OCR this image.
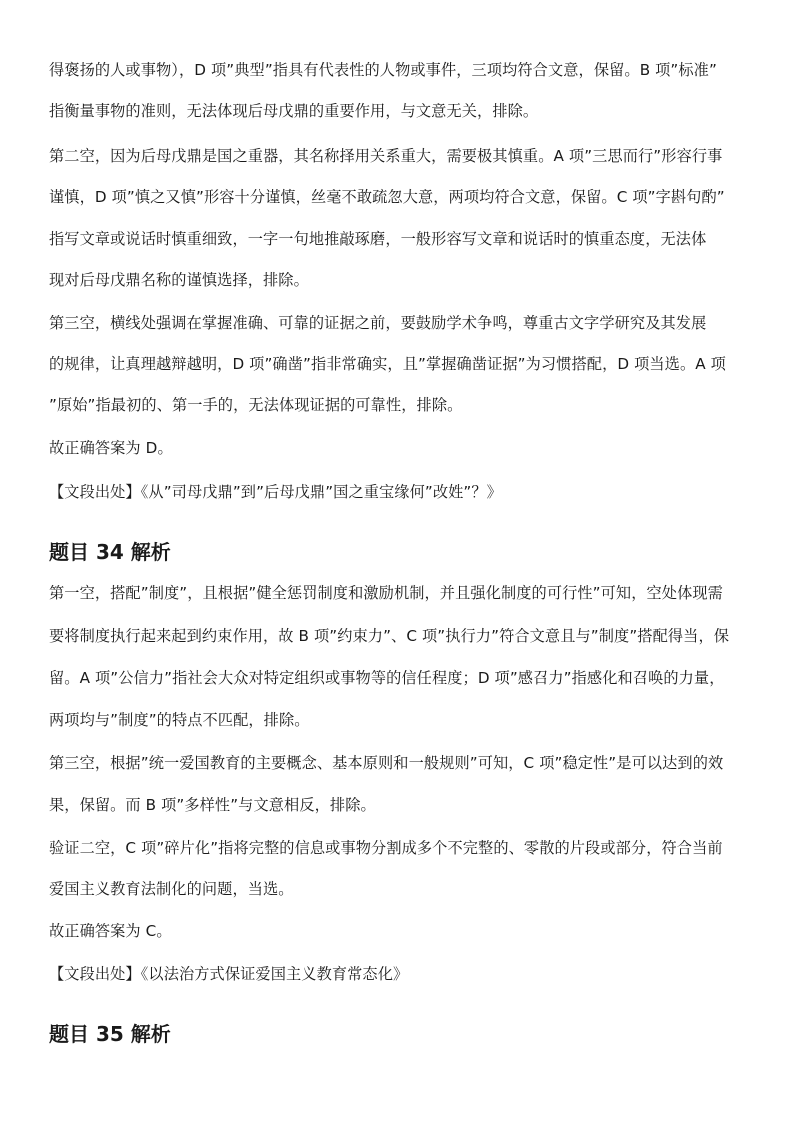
得褒扬的人或事物），D 项”典型”指具有代表性的人物或事件，三项均符合文意，保留。B 项”标准”
指衡量事物的准则，无法体现后母戊鼎的重要作用，与文意无关，排除。
第二空，因为后母戊鼎是国之重器，其名称择用关系重大，需要极其慎重。A 项”三思而行”形容行事
谨慎，D 项”慎之又慎”形容十分谨慎，丝毫不敢疏忽大意，两项均符合文意，保留。C 项”字斟句酌”
指写文章或说话时慎重细致，一字一句地推敲琢磨，一般形容写文章和说话时的慎重态度，无法体
现对后母戊鼎名称的谨慎选择，排除。
第三空，横线处强调在掌握准确、可靠的证据之前，要鼓励学术争鸣，尊重古文字学研究及其发展
的规律，让真理越辩越明，D 项”确凿”指非常确实，且”掌握确凿证据”为习惯搭配，D 项当选。A 项
”原始”指最初的、第一手的，无法体现证据的可靠性，排除。
故正确答案为 D。
【文段出处】《从”司母戊鼎”到”后母戊鼎”国之重宝缘何”改姓”？》
题目 34 解析
第一空，搭配”制度”，且根据”健全惩罚制度和激励机制，并且强化制度的可行性”可知，空处体现需
要将制度执行起来起到约束作用，故 B 项”约束力”、C 项”执行力”符合文意且与”制度”搭配得当，保
留。A 项”公信力”指社会大众对特定组织或事物等的信任程度；D 项”感召力”指感化和召唤的力量，
两项均与”制度”的特点不匹配，排除。
第三空，根据”统一爱国教育的主要概念、基本原则和一般规则”可知，C 项”稳定性”是可以达到的效
果，保留。而 B 项”多样性”与文意相反，排除。
验证二空，C 项”碎片化”指将完整的信息或事物分割成多个不完整的、零散的片段或部分，符合当前
爱国主义教育法制化的问题，当选。
故正确答案为 C。
【文段出处】《以法治方式保证爱国主义教育常态化》
题目 35 解析
